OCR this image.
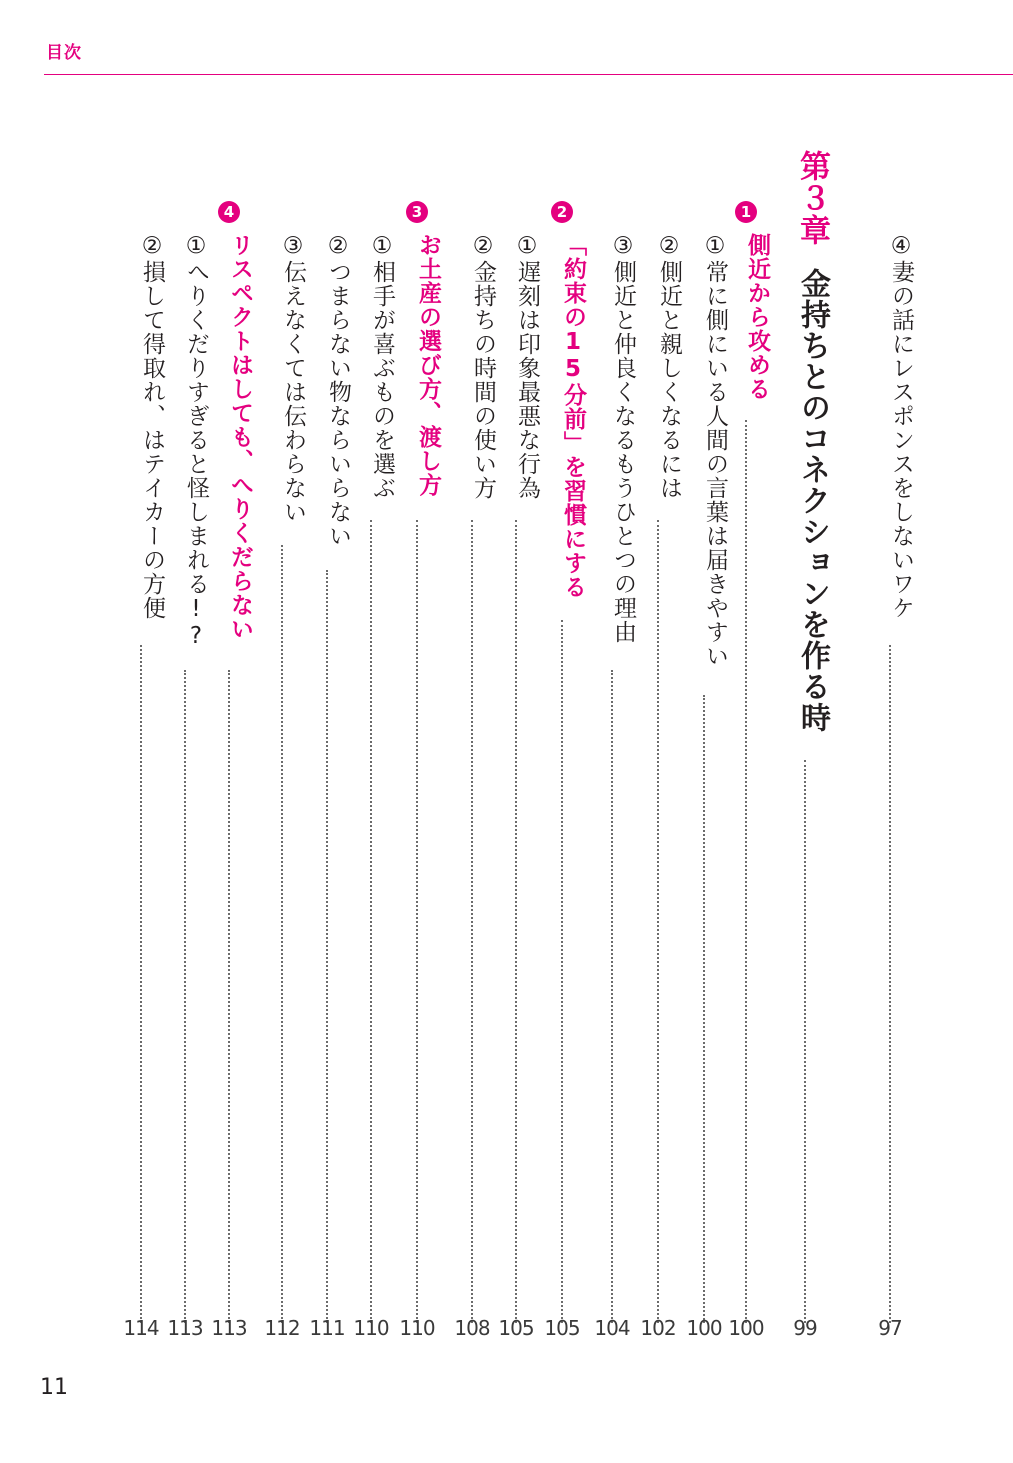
目次
④妻の話にレスポンスをしないワケ
97
第３章
金持ちとのコネクションを作る時
99
1
側近から攻める
100
①常に側にいる人間の言葉は届きやすい
100
②側近と親しくなるには
102
③側近と仲良くなるもうひとつの理由
104
2
「約束の15分前」を習慣にする
105
①遅刻は印象最悪な行為
105
②金持ちの時間の使い方
108
3
お土産の選び方、渡し方
110
①相手が喜ぶものを選ぶ
110
②つまらない物ならいらない
111
③伝えなくては伝わらない
112
4
リスペクトはしても、へりくだらない
113
①へりくだりすぎると怪しまれる!?
113
②損して得取れ、はテイカーの方便
114
11
